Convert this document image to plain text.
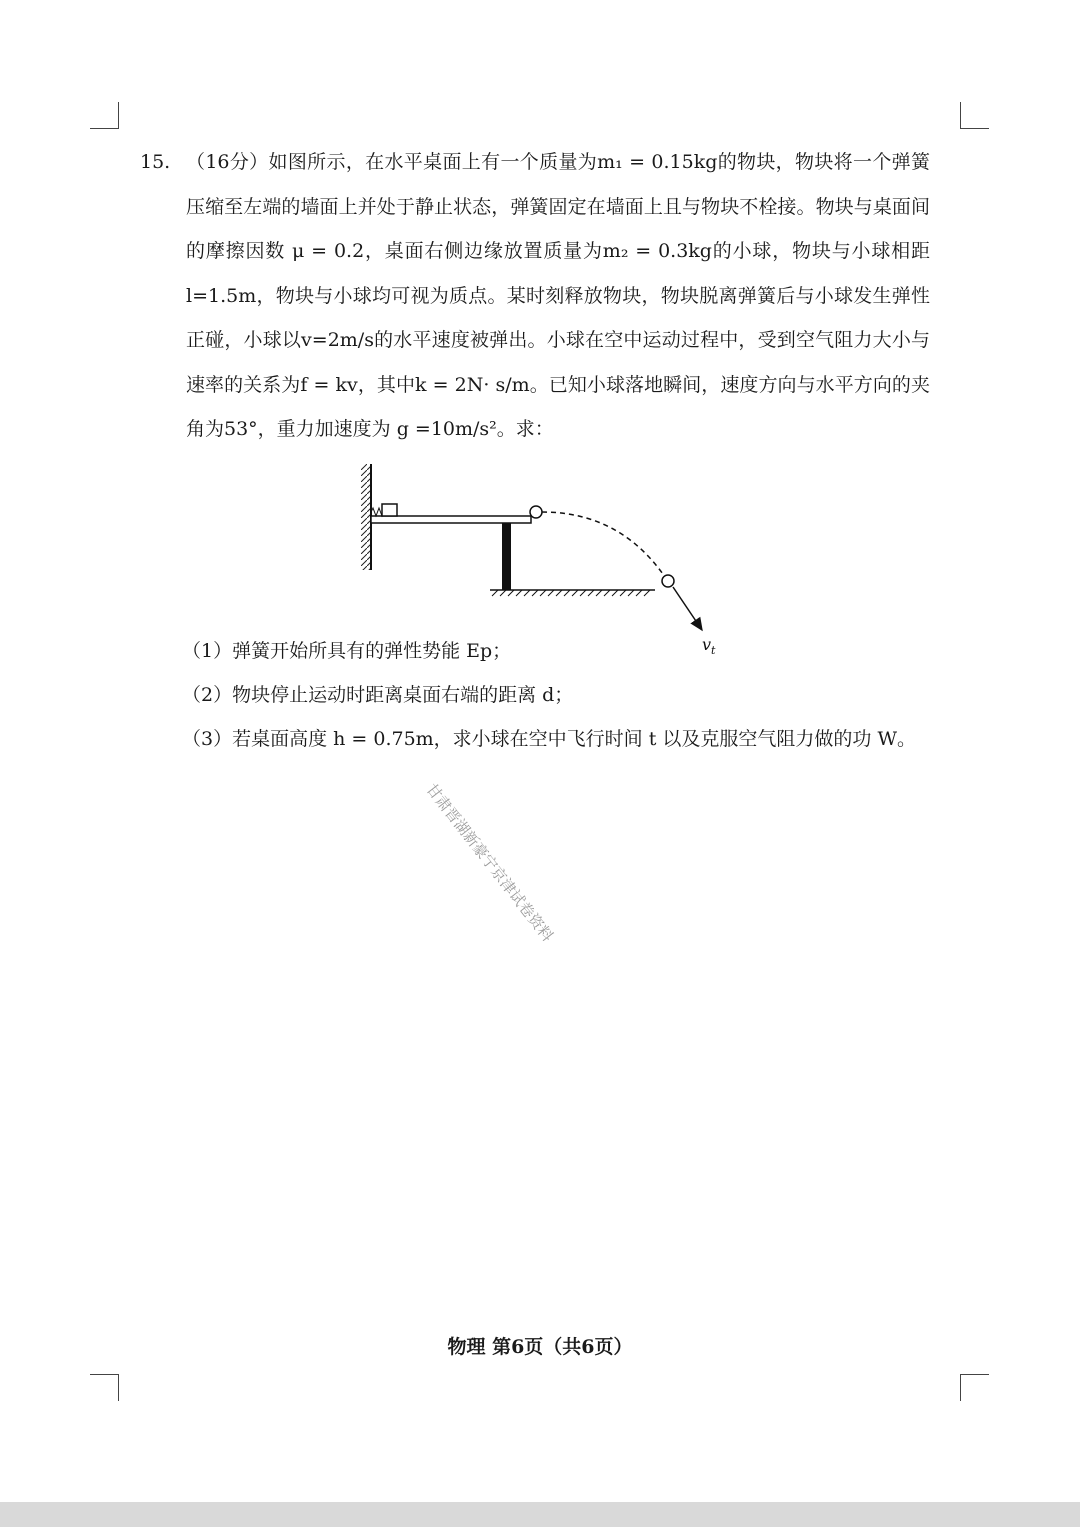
15. （16分）如图所示，在水平桌面上有一个质量为m₁ = 0.15kg的物块，物块将一个弹簧压缩至左端的墙面上并处于静止状态，弹簧固定在墙面上且与物块不栓接。物块与桌面间的摩擦因数 μ = 0.2，桌面右侧边缘放置质量为m₂ = 0.3kg的小球，物块与小球相距 l=1.5m，物块与小球均可视为质点。某时刻释放物块，物块脱离弹簧后与小球发生弹性正碰，小球以v=2m/s的水平速度被弹出。小球在空中运动过程中，受到空气阻力大小与速率的关系为f = kv，其中k = 2N· s/m。已知小球落地瞬间，速度方向与水平方向的夹角为53°，重力加速度为 g =10m/s²。求：
$v_t$
（1）弹簧开始所具有的弹性势能 Ep；
（2）物块停止运动时距离桌面右端的距离 d；
（3）若桌面高度 h = 0.75m，求小球在空中飞行时间 t 以及克服空气阻力做的功 W。
甘肃晋湖新豪宁京津试卷资料
物理 第6页（共6页）
